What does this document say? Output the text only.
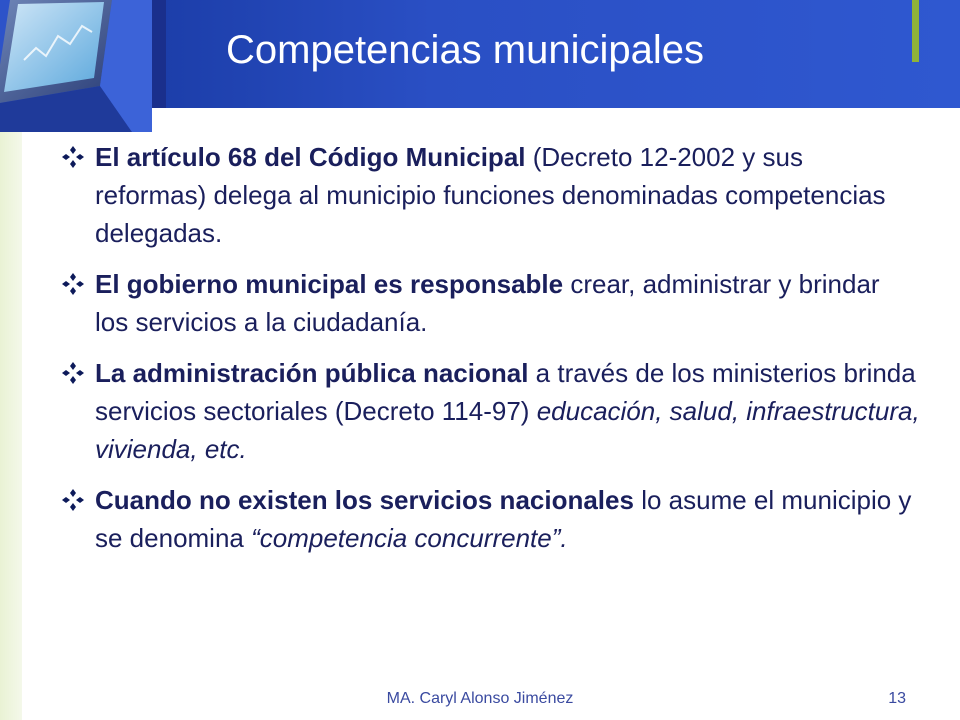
Competencias municipales

El artículo 68 del Código Municipal (Decreto 12-2002 y sus reformas) delega al municipio funciones denominadas competencias delegadas.

El gobierno municipal es responsable crear, administrar y brindar los servicios a la ciudadanía.

La administración pública nacional a través de los ministerios brinda servicios sectoriales (Decreto 114-97) educación, salud, infraestructura, vivienda, etc.

Cuando no existen los servicios nacionales lo asume el municipio y se denomina “competencia concurrente”.

MA. Caryl Alonso Jiménez	13
